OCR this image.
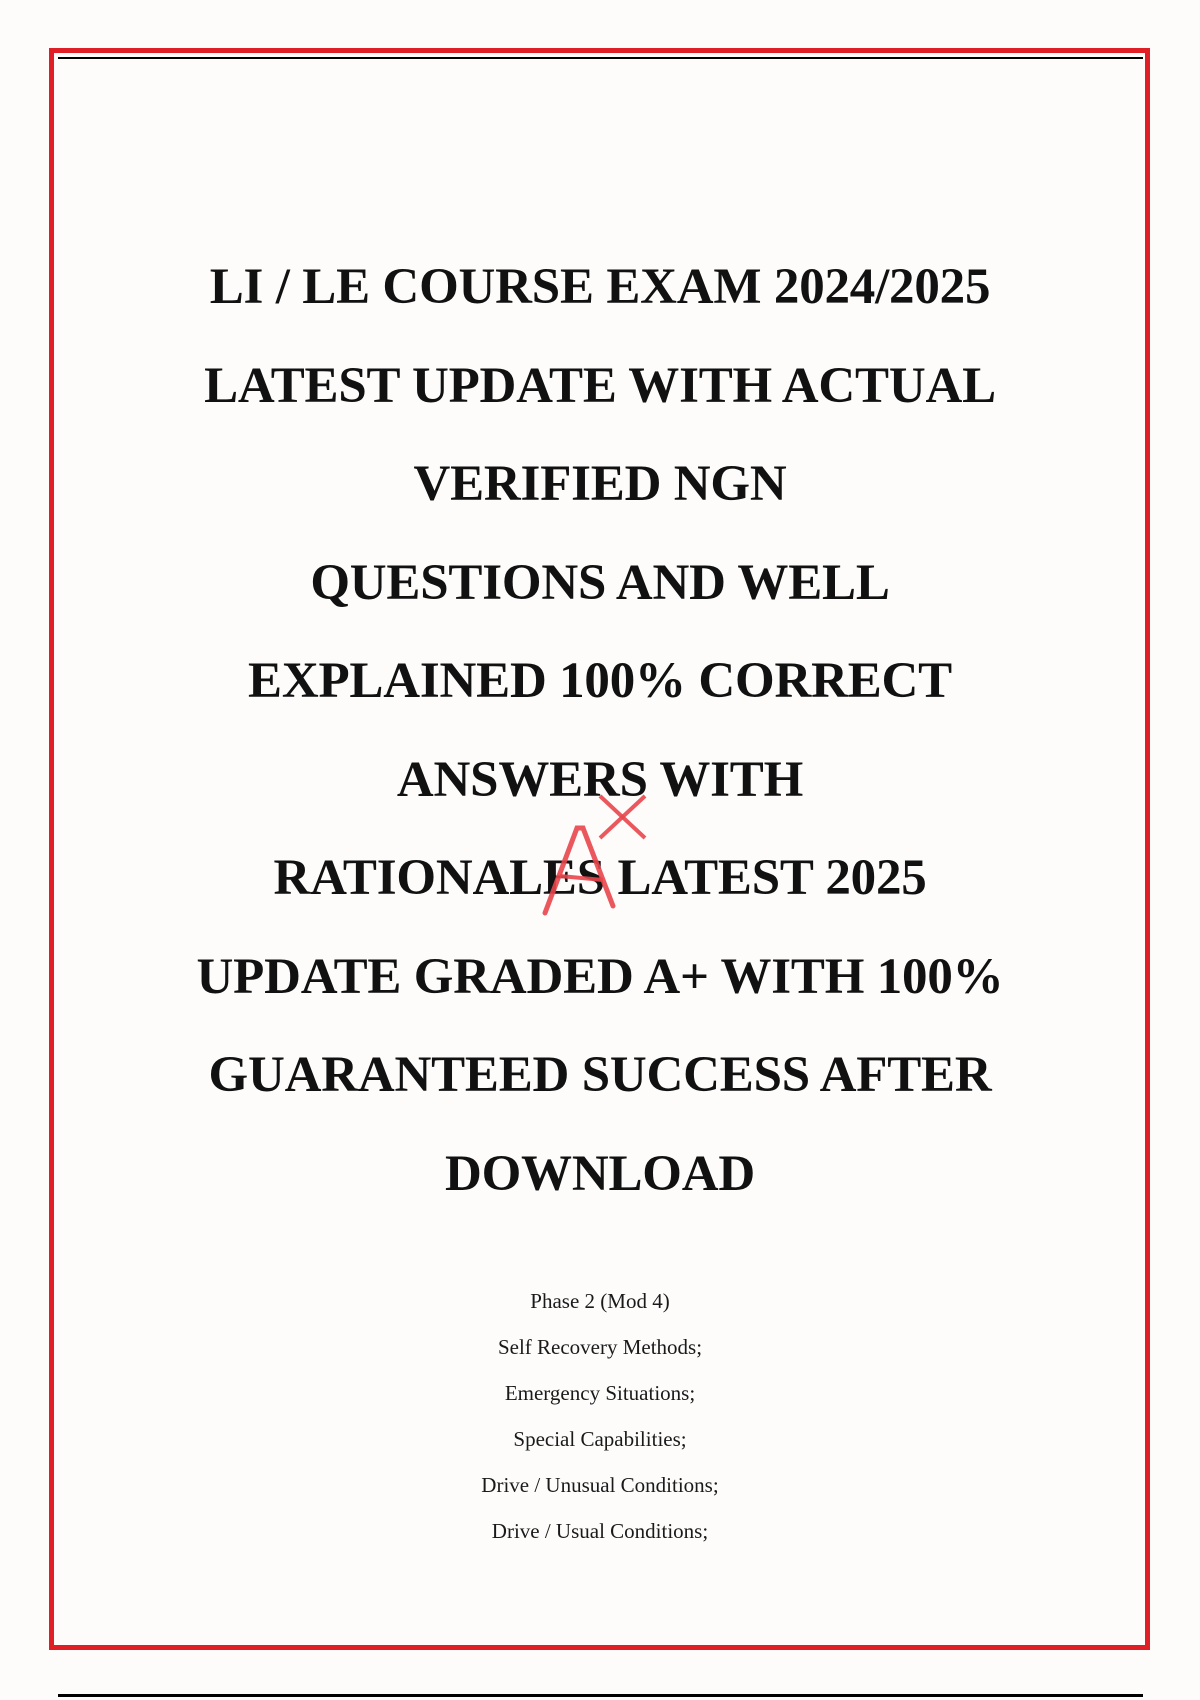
LI / LE COURSE EXAM 2024/2025
LATEST UPDATE WITH ACTUAL
VERIFIED NGN
QUESTIONS AND WELL
EXPLAINED 100% CORRECT
ANSWERS WITH
RATIONALES LATEST 2025
UPDATE GRADED A+ WITH 100%
GUARANTEED SUCCESS AFTER
DOWNLOAD
Phase 2 (Mod 4)
Self Recovery Methods;
Emergency Situations;
Special Capabilities;
Drive / Unusual Conditions;
Drive / Usual Conditions;
